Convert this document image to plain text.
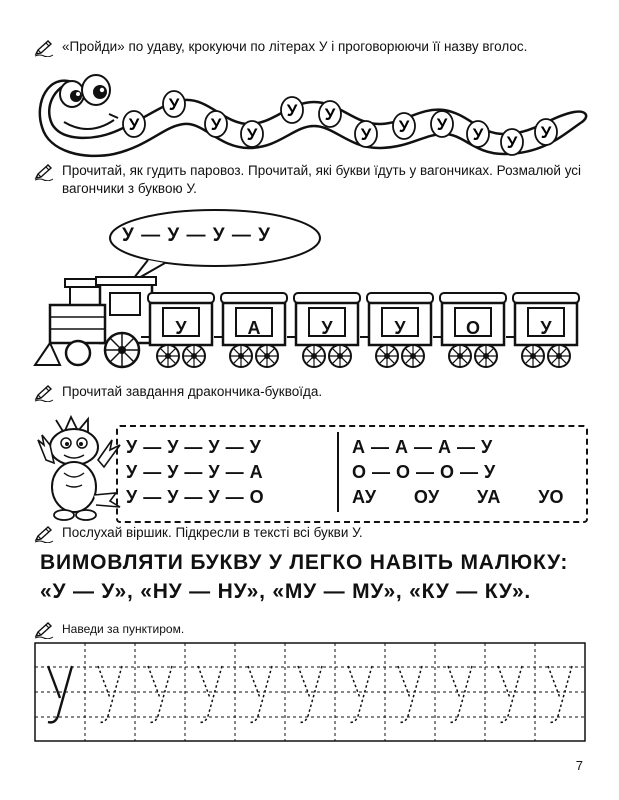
«Пройди» по удаву, крокуючи по літерах У і проговорюючи її назву вголос.
У
У
У
У
У У
У У У
У У
У
Прочитай, як гудить паровоз. Прочитай, які букви їдуть у вагончиках. Розмалюй усі вагончики з буквою У.
У — У — У — У
У	А	У	У	О	У
Прочитай завдання дракончика-буквоїда.
У — У — У — У
У — У — У — А
У — У — У — О
А — А — А — У
О — О — О — У
АУ ОУ УА УО
Послухай віршик. Підкресли в тексті всі букви У.
ВИМОВЛЯТИ БУКВУ У ЛЕГКО НАВІТЬ МАЛЮКУ:
«У — У», «НУ — НУ», «МУ — МУ», «КУ — КУ».
Наведи за пунктиром.
7
